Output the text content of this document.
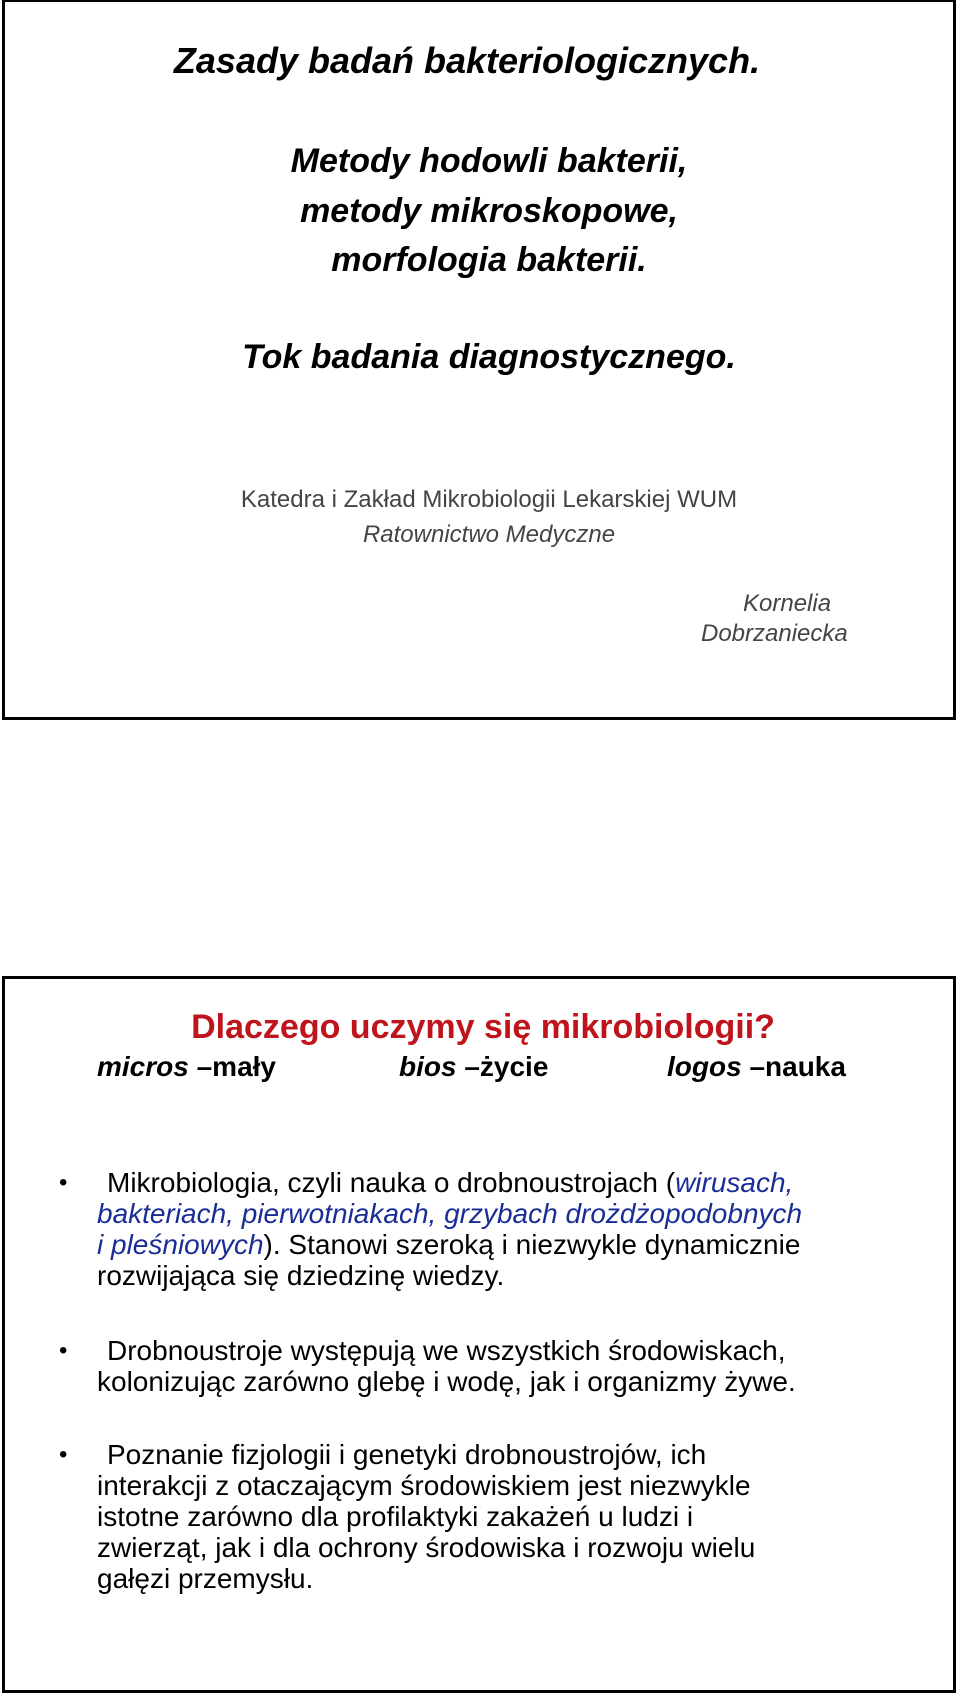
Zasady badań bakteriologicznych.
Metody hodowli bakterii,
metody mikroskopowe,
morfologia bakterii.
Tok badania diagnostycznego.
Katedra i Zakład Mikrobiologii Lekarskiej WUM
Ratownictwo Medyczne
Kornelia
Dobrzaniecka
Dlaczego uczymy się mikrobiologii?
micros –mały	bios –życie	logos –nauka
•	Mikrobiologia, czyli nauka o drobnoustrojach (wirusach,
bakteriach, pierwotniakach, grzybach drożdżopodobnych
i pleśniowych). Stanowi szeroką i niezwykle dynamicznie
rozwijająca się dziedzinę wiedzy.
•	Drobnoustroje występują we wszystkich środowiskach,
kolonizując zarówno glebę i wodę, jak i organizmy żywe.
•	Poznanie fizjologii i genetyki drobnoustrojów, ich
interakcji z otaczającym środowiskiem jest niezwykle
istotne zarówno dla profilaktyki zakażeń u ludzi i
zwierząt, jak i dla ochrony środowiska i rozwoju wielu
gałęzi przemysłu.
